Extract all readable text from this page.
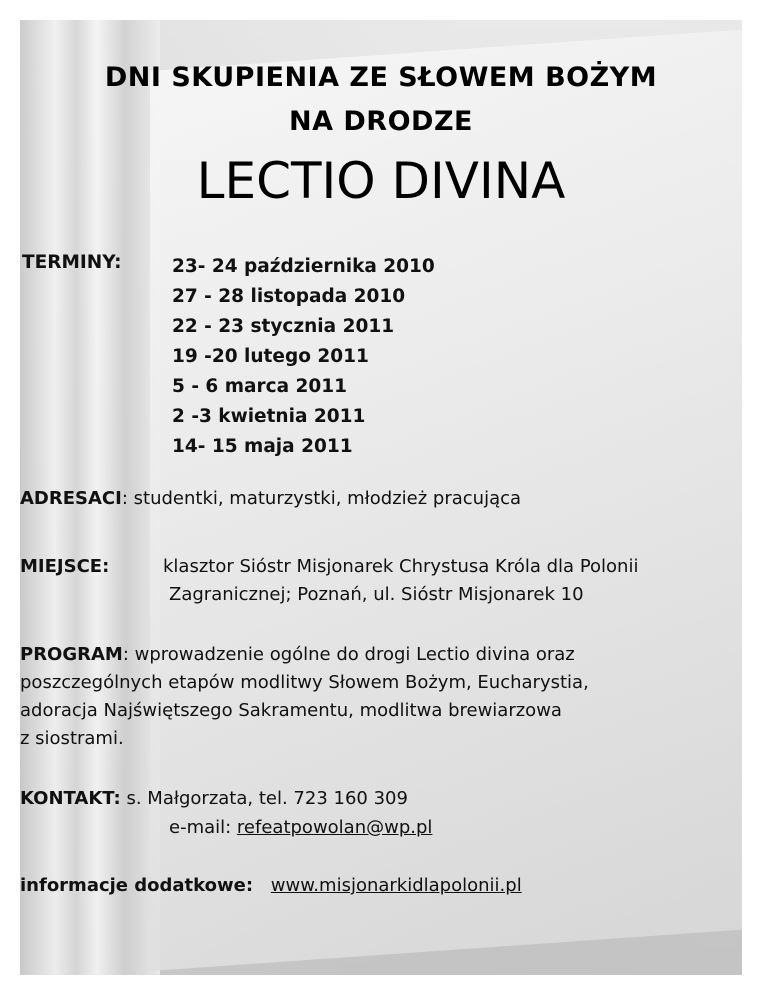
DNI SKUPIENIA ZE SŁOWEM BOŻYM
NA DRODZE
LECTIO DIVINA
TERMINY:	23- 24 października 2010
27 - 28 listopada 2010
22 - 23 stycznia 2011
19 -20 lutego 2011
5 - 6 marca 2011
2 -3 kwietnia 2011
14- 15 maja 2011
ADRESACI: studentki, maturzystki, młodzież pracująca
MIEJSCE:	klasztor Sióstr Misjonarek Chrystusa Króla dla Polonii
Zagranicznej; Poznań, ul. Sióstr Misjonarek 10
PROGRAM: wprowadzenie ogólne do drogi Lectio divina oraz
poszczególnych etapów modlitwy Słowem Bożym, Eucharystia,
adoracja Najświętszego Sakramentu, modlitwa brewiarzowa
z siostrami.
KONTAKT: s. Małgorzata, tel. 723 160 309
e-mail: refeatpowolan@wp.pl
informacje dodatkowe: www.misjonarkidlapolonii.pl
